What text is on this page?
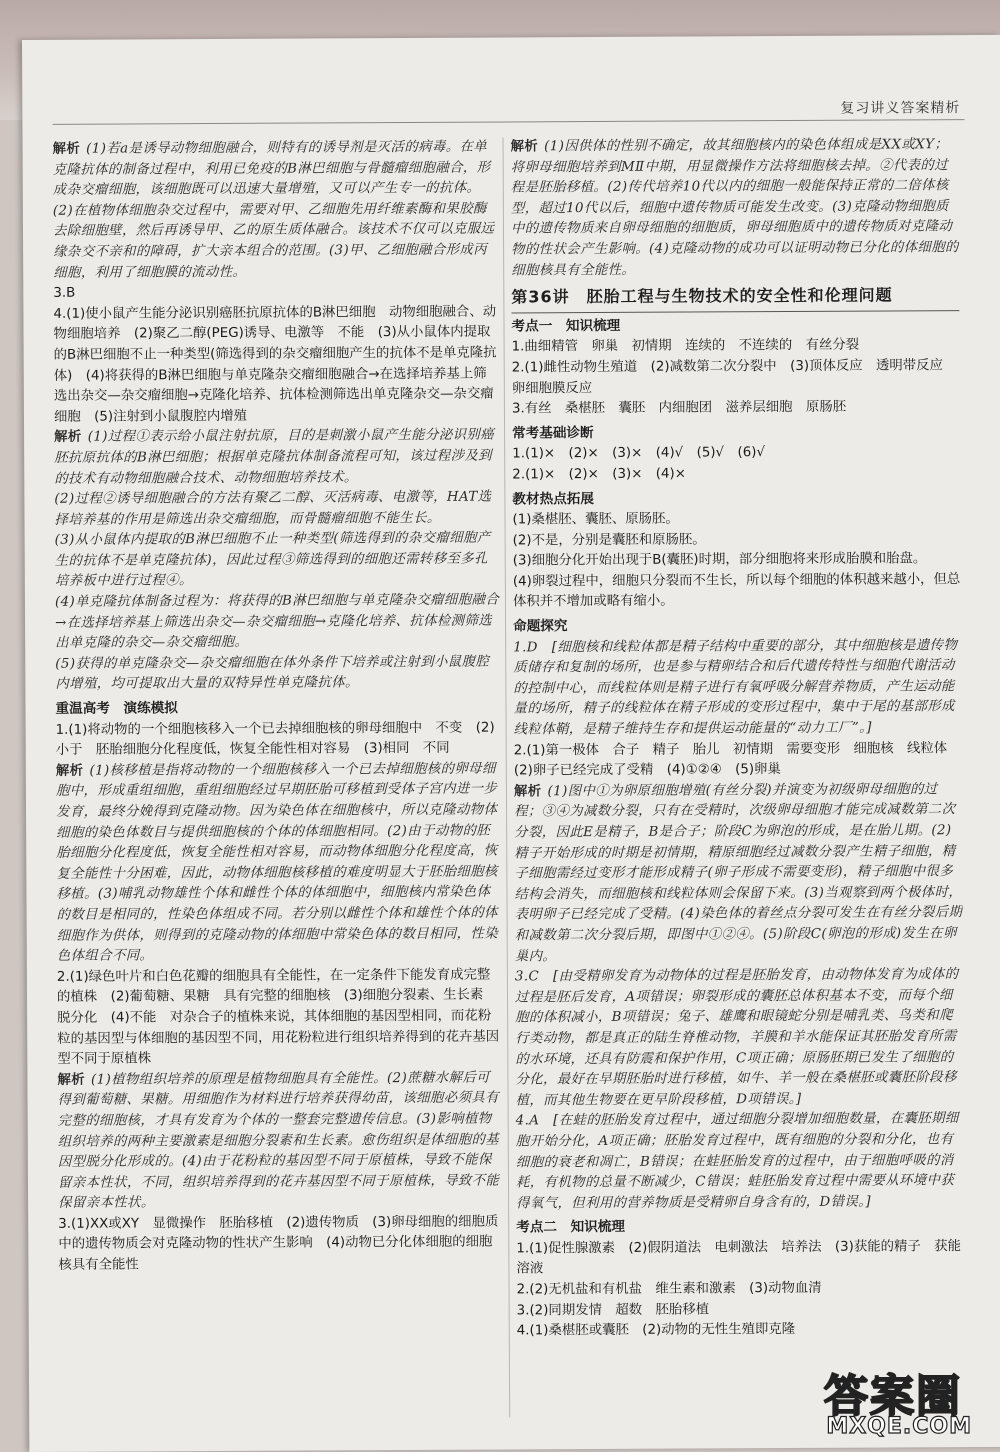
复习讲义答案精析

解析 (1)若a是诱导动物细胞融合，则特有的诱导剂是灭活的病毒。在单克隆抗体的制备过程中，利用已免疫的B淋巴细胞与骨髓瘤细胞融合，形成杂交瘤细胞，该细胞既可以迅速大量增殖，又可以产生专一的抗体。(2)在植物体细胞杂交过程中，需要对甲、乙细胞先用纤维素酶和果胶酶去除细胞壁，然后再诱导甲、乙的原生质体融合。该技术不仅可以克服远缘杂交不亲和的障碍，扩大亲本组合的范围。(3)甲、乙细胞融合形成丙细胞，利用了细胞膜的流动性。

3.B

4.(1)使小鼠产生能分泌识别癌胚抗原抗体的B淋巴细胞　动物细胞融合、动物细胞培养　(2)聚乙二醇(PEG)诱导、电激等　不能　(3)从小鼠体内提取的B淋巴细胞不止一种类型(筛选得到的杂交瘤细胞产生的抗体不是单克隆抗体)　(4)将获得的B淋巴细胞与单克隆杂交瘤细胞融合→在选择培养基上筛选出杂交—杂交瘤细胞→克隆化培养、抗体检测筛选出单克隆杂交—杂交瘤细胞　(5)注射到小鼠腹腔内增殖

解析 (1)过程①表示给小鼠注射抗原，目的是刺激小鼠产生能分泌识别癌胚抗原抗体的B淋巴细胞；根据单克隆抗体制备流程可知，该过程涉及到的技术有动物细胞融合技术、动物细胞培养技术。

(2)过程②诱导细胞融合的方法有聚乙二醇、灭活病毒、电激等，HAT选择培养基的作用是筛选出杂交瘤细胞，而骨髓瘤细胞不能生长。

(3)从小鼠体内提取的B淋巴细胞不止一种类型(筛选得到的杂交瘤细胞产生的抗体不是单克隆抗体)，因此过程③筛选得到的细胞还需转移至多孔培养板中进行过程④。

(4)单克隆抗体制备过程为：将获得的B淋巴细胞与单克隆杂交瘤细胞融合→在选择培养基上筛选出杂交—杂交瘤细胞→克隆化培养、抗体检测筛选出单克隆的杂交—杂交瘤细胞。

(5)获得的单克隆杂交—杂交瘤细胞在体外条件下培养或注射到小鼠腹腔内增殖，均可提取出大量的双特异性单克隆抗体。

重温高考　演练模拟

1.(1)将动物的一个细胞核移入一个已去掉细胞核的卵母细胞中　不变　(2)小于　胚胎细胞分化程度低，恢复全能性相对容易　(3)相同　不同

解析 (1)核移植是指将动物的一个细胞核移入一个已去掉细胞核的卵母细胞中，形成重组细胞，重组细胞经过早期胚胎可移植到受体子宫内进一步发育，最终分娩得到克隆动物。因为染色体在细胞核中，所以克隆动物体细胞的染色体数目与提供细胞核的个体的体细胞相同。(2)由于动物的胚胎细胞分化程度低，恢复全能性相对容易，而动物体细胞分化程度高，恢复全能性十分困难，因此，动物体细胞核移植的难度明显大于胚胎细胞核移植。(3)哺乳动物雄性个体和雌性个体的体细胞中，细胞核内常染色体的数目是相同的，性染色体组成不同。若分别以雌性个体和雄性个体的体细胞作为供体，则得到的克隆动物的体细胞中常染色体的数目相同，性染色体组合不同。

2.(1)绿色叶片和白色花瓣的细胞具有全能性，在一定条件下能发育成完整的植株　(2)葡萄糖、果糖　具有完整的细胞核　(3)细胞分裂素、生长素　脱分化　(4)不能　对杂合子的植株来说，其体细胞的基因型相同，而花粉粒的基因型与体细胞的基因型不同，用花粉粒进行组织培养得到的花卉基因型不同于原植株

解析 (1)植物组织培养的原理是植物细胞具有全能性。(2)蔗糖水解后可得到葡萄糖、果糖。用细胞作为材料进行培养获得幼苗，该细胞必须具有完整的细胞核，才具有发育为个体的一整套完整遗传信息。(3)影响植物组织培养的两种主要激素是细胞分裂素和生长素。愈伤组织是体细胞的基因型脱分化形成的。(4)由于花粉粒的基因型不同于原植株，导致不能保留亲本性状，不同，组织培养得到的花卉基因型不同于原植株，导致不能保留亲本性状。

3.(1)XX或XY　显微操作　胚胎移植　(2)遗传物质　(3)卵母细胞的细胞质中的遗传物质会对克隆动物的性状产生影响　(4)动物已分化体细胞的细胞核具有全能性

解析 (1)因供体的性别不确定，故其细胞核内的染色体组成是XX或XY；将卵母细胞培养到MⅡ中期，用显微操作方法将细胞核去掉。②代表的过程是胚胎移植。(2)传代培养10代以内的细胞一般能保持正常的二倍体核型，超过10代以后，细胞中遗传物质可能发生改变。(3)克隆动物细胞质中的遗传物质来自卵母细胞的细胞质，卵母细胞质中的遗传物质对克隆动物的性状会产生影响。(4)克隆动物的成功可以证明动物已分化的体细胞的细胞核具有全能性。

第36讲　胚胎工程与生物技术的安全性和伦理问题

考点一　知识梳理

1.曲细精管　卵巢　初情期　连续的　不连续的　有丝分裂

2.(1)雌性动物生殖道　(2)减数第二次分裂中　(3)顶体反应　透明带反应　卵细胞膜反应

3.有丝　桑椹胚　囊胚　内细胞团　滋养层细胞　原肠胚

常考基础诊断

1.(1)×　(2)×　(3)×　(4)√　(5)√　(6)√

2.(1)×　(2)×　(3)×　(4)×

教材热点拓展

(1)桑椹胚、囊胚、原肠胚。

(2)不是，分别是囊胚和原肠胚。

(3)细胞分化开始出现于B(囊胚)时期，部分细胞将来形成胎膜和胎盘。

(4)卵裂过程中，细胞只分裂而不生长，所以每个细胞的体积越来越小，但总体积并不增加或略有缩小。

命题探究

1.D　[细胞核和线粒体都是精子结构中重要的部分，其中细胞核是遗传物质储存和复制的场所，也是参与精卵结合和后代遗传特性与细胞代谢活动的控制中心，而线粒体则是精子进行有氧呼吸分解营养物质，产生运动能量的场所，精子的线粒体在精子形成的变形过程中，集中于尾的基部形成线粒体鞘，是精子维持生存和提供运动能量的“动力工厂”。]

2.(1)第一极体　合子　精子　胎儿　初情期　需要变形　细胞核　线粒体　(2)卵子已经完成了受精　(4)①②④　(5)卵巢

解析 (1)图中①为卵原细胞增殖(有丝分裂)并演变为初级卵母细胞的过程；③④为减数分裂，只有在受精时，次级卵母细胞才能完成减数第二次分裂，因此E是精子，B是合子；阶段C为卵泡的形成，是在胎儿期。(2)精子开始形成的时期是初情期，精原细胞经过减数分裂产生精子细胞，精子细胞需经过变形才能形成精子(卵子形成不需要变形)，精子细胞中很多结构会消失，而细胞核和线粒体则会保留下来。(3)当观察到两个极体时，表明卵子已经完成了受精。(4)染色体的着丝点分裂可发生在有丝分裂后期和减数第二次分裂后期，即图中①②④。(5)阶段C(卵泡的形成)发生在卵巢内。

3.C　[由受精卵发育为动物体的过程是胚胎发育，由动物体发育为成体的过程是胚后发育，A项错误；卵裂形成的囊胚总体积基本不变，而每个细胞的体积减小，B项错误；兔子、雄鹰和眼镜蛇分别是哺乳类、鸟类和爬行类动物，都是真正的陆生脊椎动物，羊膜和羊水能保证其胚胎发育所需的水环境，还具有防震和保护作用，C项正确；原肠胚期已发生了细胞的分化，最好在早期胚胎时进行移植，如牛、羊一般在桑椹胚或囊胚阶段移植，而其他生物要在更早阶段移植，D项错误。]

4.A　[在蛙的胚胎发育过程中，通过细胞分裂增加细胞数量，在囊胚期细胞开始分化，A项正确；胚胎发育过程中，既有细胞的分裂和分化，也有细胞的衰老和凋亡，B错误；在蛙胚胎发育的过程中，由于细胞呼吸的消耗，有机物的总量不断减少，C错误；蛙胚胎发育过程中需要从环境中获得氧气，但利用的营养物质是受精卵自身含有的，D错误。]

考点二　知识梳理

1.(1)促性腺激素　(2)假阴道法　电刺激法　培养法　(3)获能的精子　获能溶液

2.(2)无机盐和有机盐　维生素和激素　(3)动物血清

3.(2)同期发情　超数　胚胎移植

4.(1)桑椹胚或囊胚　(2)动物的无性生殖即克隆

答案圈
MXQE.COM
